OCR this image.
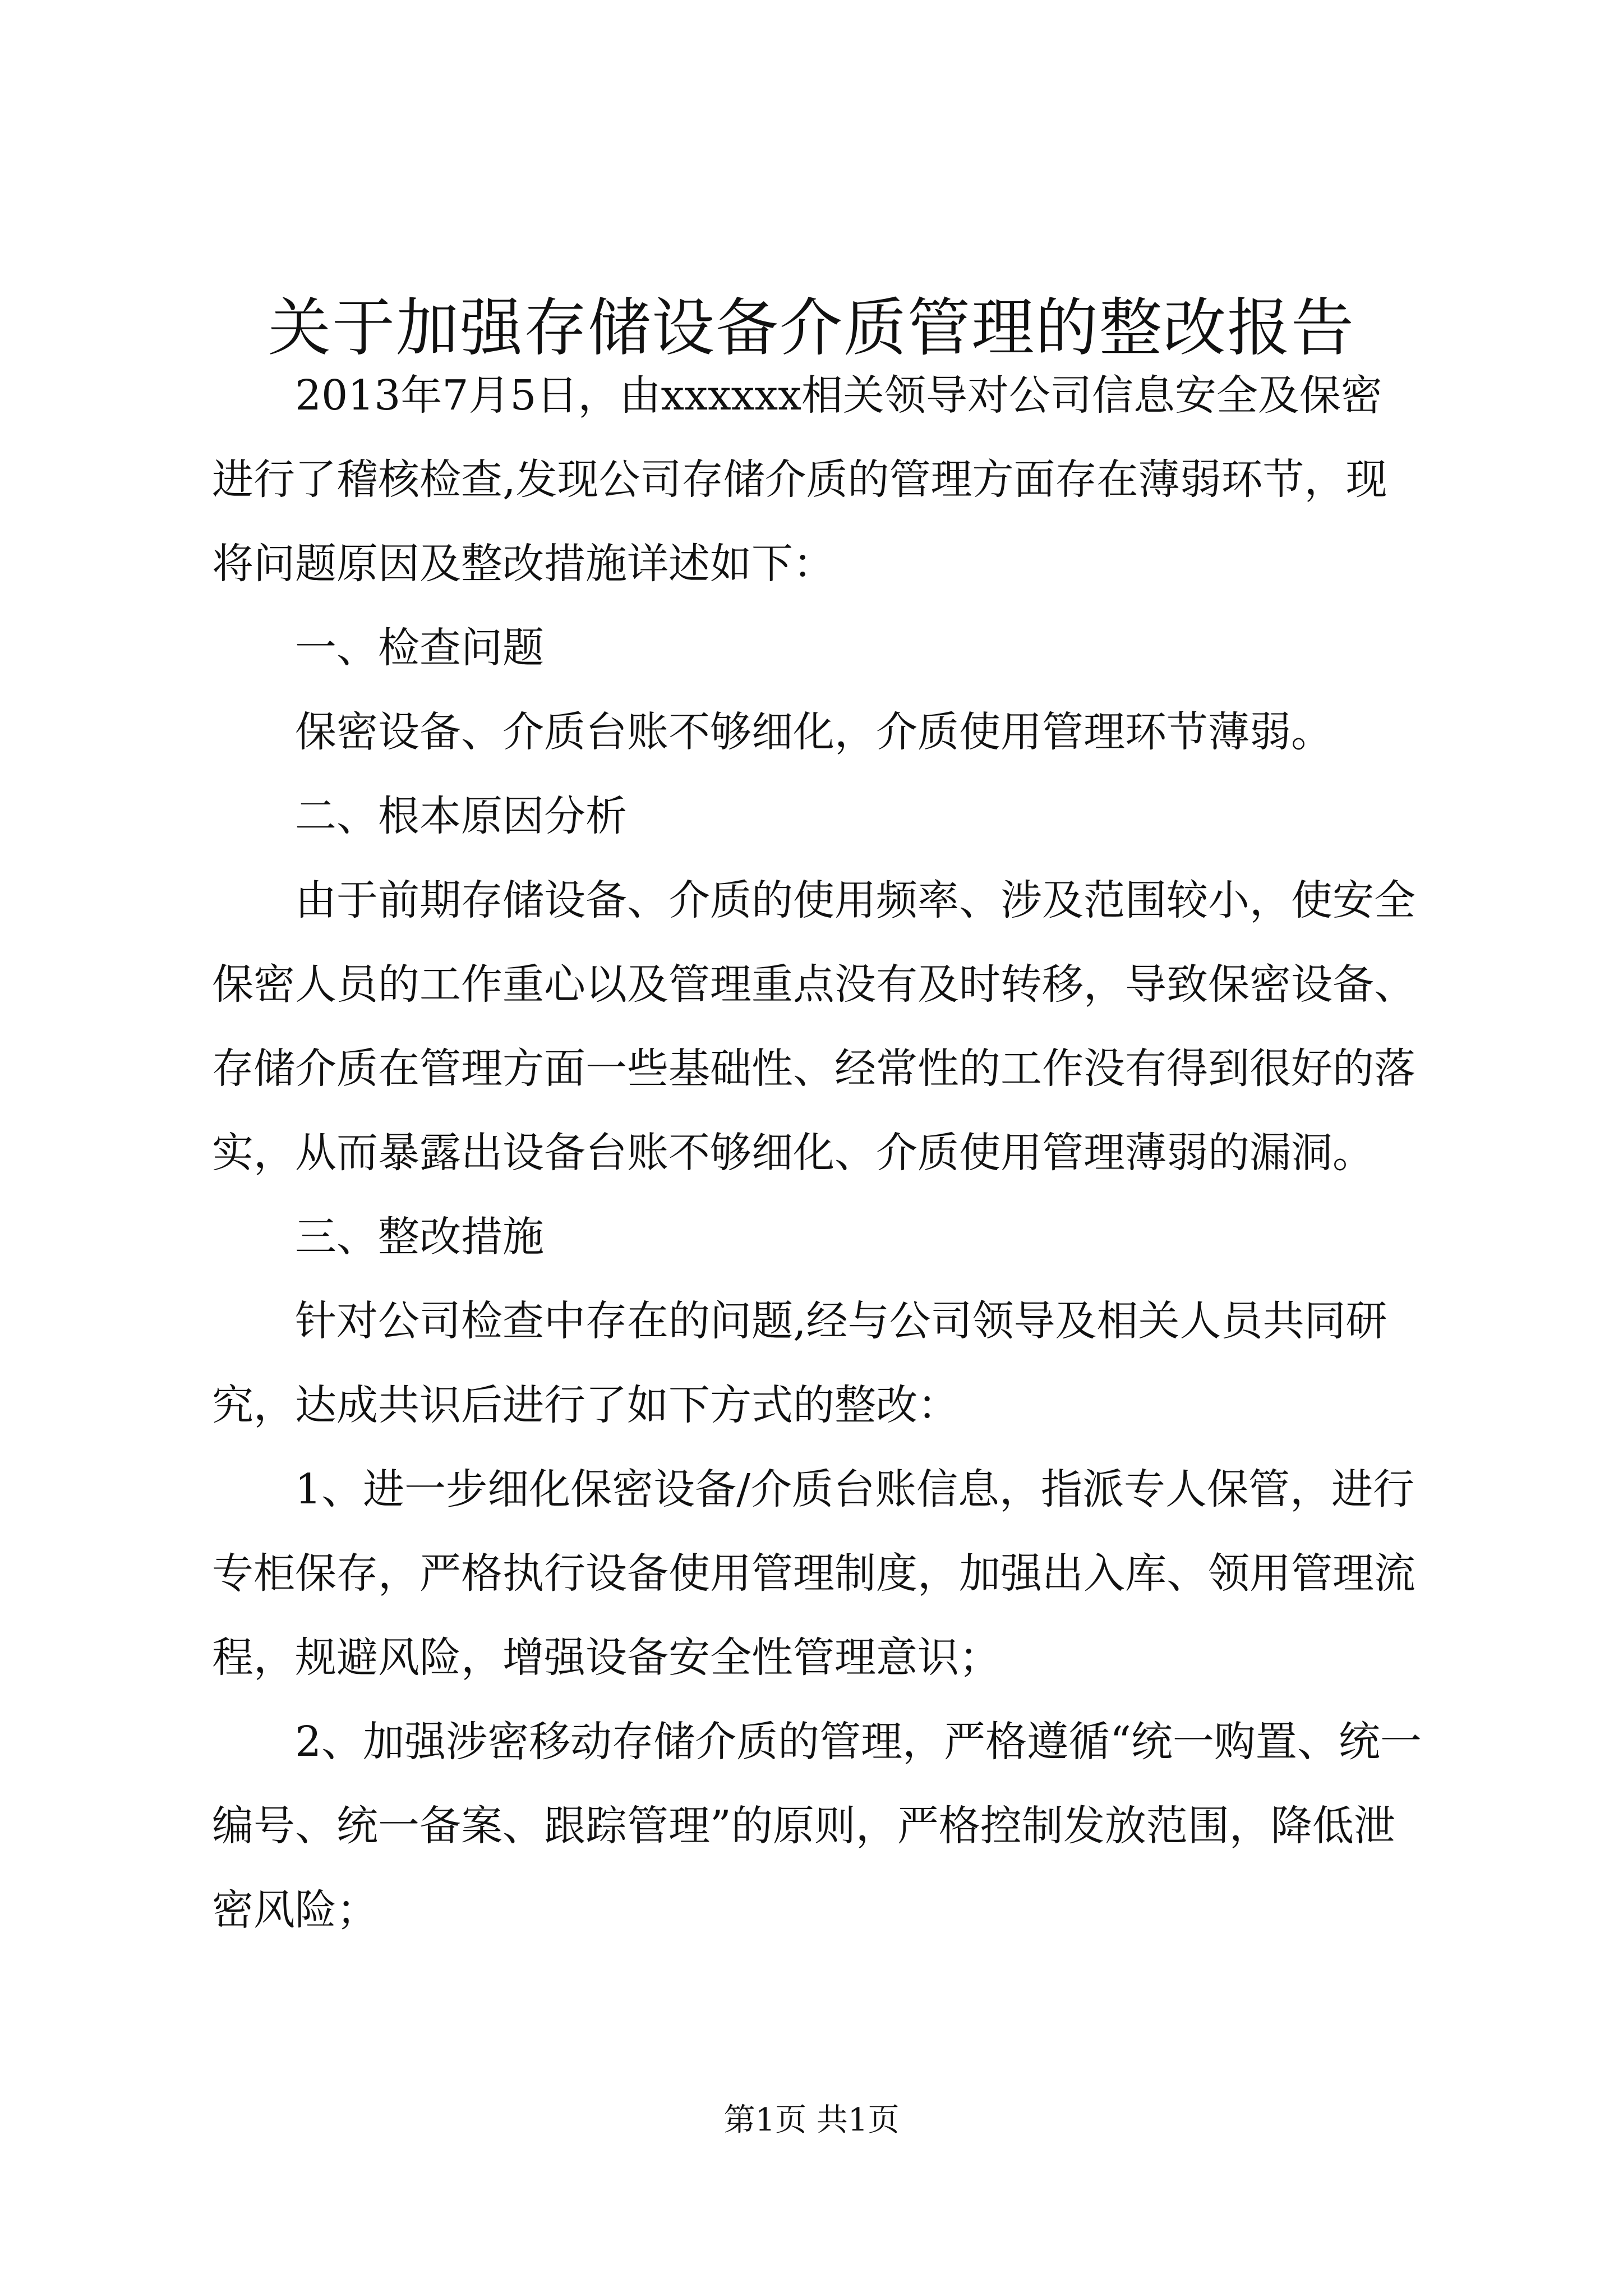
关于加强存储设备介质管理的整改报告

2013年7月5日，由xxxxxx相关领导对公司信息安全及保密进行了稽核检查,发现公司存储介质的管理方面存在薄弱环节，现将问题原因及整改措施详述如下：

一、检查问题

保密设备、介质台账不够细化，介质使用管理环节薄弱。

二、根本原因分析

由于前期存储设备、介质的使用频率、涉及范围较小，使安全保密人员的工作重心以及管理重点没有及时转移，导致保密设备、存储介质在管理方面一些基础性、经常性的工作没有得到很好的落实，从而暴露出设备台账不够细化、介质使用管理薄弱的漏洞。

三、整改措施

针对公司检查中存在的问题,经与公司领导及相关人员共同研究，达成共识后进行了如下方式的整改：

1、进一步细化保密设备/介质台账信息，指派专人保管，进行专柜保存，严格执行设备使用管理制度，加强出入库、领用管理流程，规避风险，增强设备安全性管理意识；

2、加强涉密移动存储介质的管理，严格遵循“统一购置、统一编号、统一备案、跟踪管理”的原则，严格控制发放范围，降低泄密风险；

第1页 共1页
